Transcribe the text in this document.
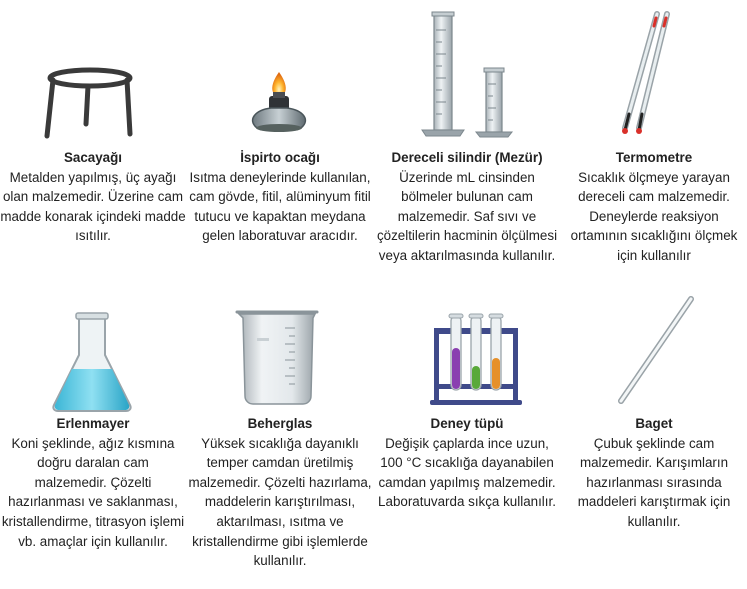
Sacayağı
Metalden yapılmış, üç ayağı olan malzemedir. Üzerine cam madde konarak içindeki madde ısıtılır.
İspirto ocağı
Isıtma deneylerinde kullanılan, cam gövde, fitil, alüminyum fitil tutucu ve kapaktan meydana gelen laboratuvar aracıdır.
Dereceli silindir (Mezür)
Üzerinde mL cinsinden bölmeler bulunan cam malzemedir. Saf sıvı ve çözeltilerin hacminin ölçülmesi veya aktarılmasında kullanılır.
Termometre
Sıcaklık ölçmeye yarayan dereceli cam malzemedir. Deneylerde reaksiyon ortamının sıcaklığını ölçmek için kullanılır
Erlenmayer
Koni şeklinde, ağız kısmına doğru daralan cam malzemedir. Çözelti hazırlanması ve saklanması, kristallendirme, titrasyon işlemi vb. amaçlar için kullanılır.
Beherglas
Yüksek sıcaklığa dayanıklı temper camdan üretilmiş malzemedir. Çözelti hazırlama, maddelerin karıştırılması, aktarılması, ısıtma ve kristallendirme gibi işlemlerde kullanılır.
Deney tüpü
Değişik çaplarda ince uzun, 100 °C sıcaklığa dayanabilen camdan yapılmış malzemedir. Laboratuvarda sıkça kullanılır.
Baget
Çubuk şeklinde cam malzemedir. Karışımların hazırlanması sırasında maddeleri karıştırmak için kullanılır.
